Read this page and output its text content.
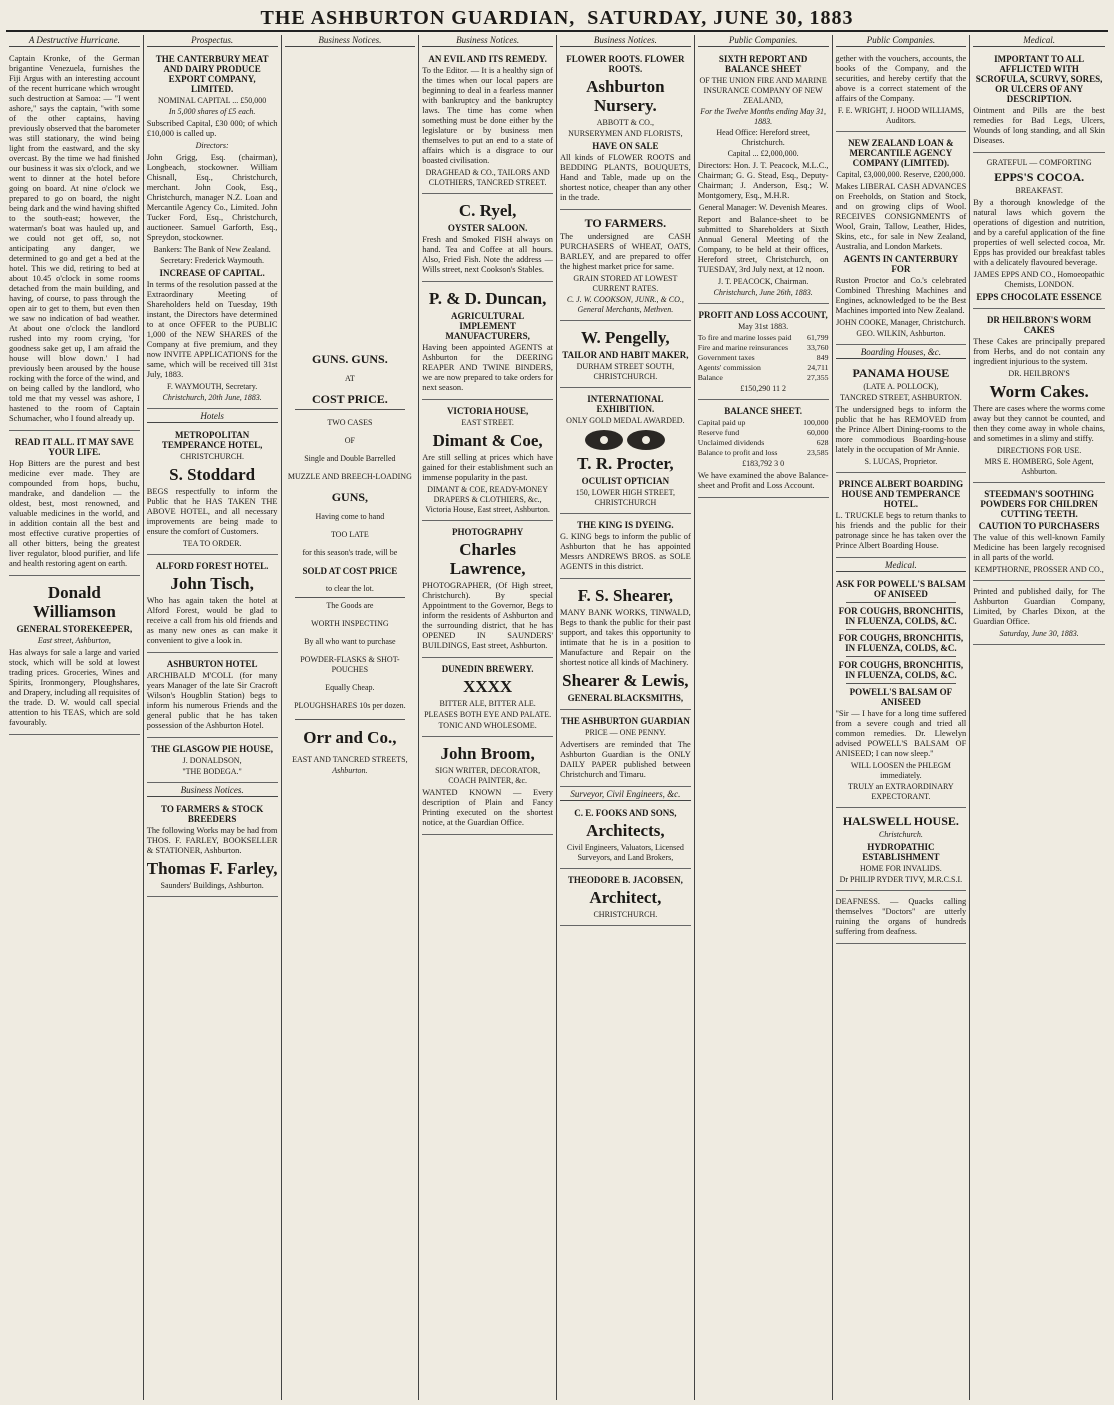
THE ASHBURTON GUARDIAN, SATURDAY, JUNE 30, 1883
A Destructive Hurricane.

Captain Kronke, of the German brigantine Venezuela, furnishes the Fiji Argus with an interesting account of the recent hurricane which wrought such destruction at Samoa: — "I went ashore," says the captain, "with some of the other captains, having previously observed that the barometer was still stationary, the wind being light from the eastward, and the sky overcast. By the time we had finished our business it was six o'clock, and we went to dinner at the hotel before going on board. At nine o'clock we prepared to go on board, the night being dark and the wind having shifted to the south-east; however, the waterman's boat was hauled up, and we could not get off, so, not anticipating any danger, we determined to go and get a bed at the hotel. This we did, retiring to bed at about 10.45 o'clock in some rooms detached from the main building, and having, of course, to pass through the open air to get to them, but even then we saw no indication of bad weather. At about one o'clock the landlord rushed into my room crying, 'for goodness sake get up, I am afraid the house will blow down.' I had previously been aroused by the house rocking with the force of the wind, and on being called by the landlord, who told me that my vessel was ashore, I hastened to the room of Captain Schumacher, who I found already up.

READ IT ALL. IT MAY SAVE YOUR LIFE.

Hop Bitters are the purest and best medicine ever made. They are compounded from hops, buchu, mandrake, and dandelion — the oldest, best, most renowned, and valuable medicines in the world, and in addition contain all the best and most effective curative properties of all other bitters, being the greatest liver regulator, blood purifier, and life and health restoring agent on earth.

Donald Williamson
GENERAL STOREKEEPER,
East street, Ashburton,

Has always for sale a large and varied stock, which will be sold at lowest trading prices. Groceries, Wines and Spirits, Ironmongery, Ploughshares, and Drapery, including all requisites of the trade. D. W. would call special attention to his TEAS, which are sold favourably.

Prospectus.
THE CANTERBURY MEAT AND DAIRY PRODUCE EXPORT COMPANY, LIMITED.
NOMINAL CAPITAL ... £50,000
In 5,000 shares of £5 each.

Subscribed Capital, £30 000; of which £10,000 is called up.

Directors:

John Grigg, Esq. (chairman), Longbeach, stockowner. William Chisnall, Esq., Christchurch, merchant. John Cook, Esq., Christchurch, manager N.Z. Loan and Mercantile Agency Co., Limited. John Tucker Ford, Esq., Christchurch, auctioneer. Samuel Garforth, Esq., Spreydon, stockowner.

Bankers: The Bank of New Zealand.
Secretary: Frederick Waymouth.
INCREASE OF CAPITAL.

In terms of the resolution passed at the Extraordinary Meeting of Shareholders held on Tuesday, 19th instant, the Directors have determined to at once OFFER to the PUBLIC 1,000 of the NEW SHARES of the Company at five premium, and they now INVITE APPLICATIONS for the same, which will be received till 31st July, 1883.

F. WAYMOUTH, Secretary.
Christchurch, 20th June, 1883.
Hotels
METROPOLITAN TEMPERANCE HOTEL,
CHRISTCHURCH.
S. Stoddard

BEGS respectfully to inform the Public that he HAS TAKEN THE ABOVE HOTEL, and all necessary improvements are being made to ensure the comfort of Customers.

TEA TO ORDER.
ALFORD FOREST HOTEL.
John Tisch,

Who has again taken the hotel at Alford Forest, would be glad to receive a call from his old friends and as many new ones as can make it convenient to give a look in.

ASHBURTON HOTEL

ARCHIBALD M'COLL (for many years Manager of the late Sir Cracroft Wilson's Hougblin Station) begs to inform his numerous Friends and the general public that he has taken possession of the Ashburton Hotel.

THE GLASGOW PIE HOUSE,
J. DONALDSON,
"THE BODEGA."
Business Notices.
TO FARMERS & STOCK BREEDERS

The following Works may be had from THOS. F. FARLEY, BOOKSELLER & STATIONER, Ashburton.

Thomas F. Farley,
Saunders' Buildings, Ashburton.
Business Notices.
GUNS. GUNS.
AT
COST PRICE.
TWO CASES
OF
Single and Double Barrelled
MUZZLE AND BREECH-LOADING
GUNS,
Having come to hand
TOO LATE
for this season's trade, will be
SOLD AT COST PRICE
to clear the lot.
The Goods are
WORTH INSPECTING
By all who want to purchase
POWDER-FLASKS & SHOT-POUCHES
Equally Cheap.
PLOUGHSHARES 10s per dozen.
Orr and Co.,
EAST AND TANCRED STREETS,
Ashburton.
Business Notices.
AN EVIL AND ITS REMEDY.

To the Editor. — It is a healthy sign of the times when our local papers are beginning to deal in a fearless manner with bankruptcy and the bankruptcy laws. The time has come when something must be done either by the legislature or by business men themselves to put an end to a state of affairs which is a disgrace to our boasted civilisation.

DRAGHEAD & CO., TAILORS AND CLOTHIERS, TANCRED STREET.
C. Ryel,
OYSTER SALOON.

Fresh and Smoked FISH always on hand. Tea and Coffee at all hours. Also, Fried Fish. Note the address — Wills street, next Cookson's Stables.

P. & D. Duncan,
AGRICULTURAL IMPLEMENT MANUFACTURERS,

Having been appointed AGENTS at Ashburton for the DEERING REAPER AND TWINE BINDERS, we are now prepared to take orders for next season.

VICTORIA HOUSE,
EAST STREET.
Dimant & Coe,

Are still selling at prices which have gained for their establishment such an immense popularity in the past.

DIMANT & COE, READY-MONEY DRAPERS & CLOTHIERS, &c., Victoria House, East street, Ashburton.
PHOTOGRAPHY
Charles Lawrence,

PHOTOGRAPHER, (Of High street, Christchurch). By special Appointment to the Governor, Begs to inform the residents of Ashburton and the surrounding district, that he has OPENED IN SAUNDERS' BUILDINGS, East street, Ashburton.

DUNEDIN BREWERY.
XXXX
BITTER ALE, BITTER ALE.
PLEASES BOTH EYE AND PALATE.
TONIC AND WHOLESOME.
John Broom,
SIGN WRITER, DECORATOR, COACH PAINTER, &c.

WANTED KNOWN — Every description of Plain and Fancy Printing executed on the shortest notice, at the Guardian Office.

Business Notices.
FLOWER ROOTS. FLOWER ROOTS.
Ashburton Nursery.
ABBOTT & CO.,
NURSERYMEN AND FLORISTS,
HAVE ON SALE

All kinds of FLOWER ROOTS and BEDDING PLANTS, BOUQUETS, Hand and Table, made up on the shortest notice, cheaper than any other in the trade.

TO FARMERS.

The undersigned are CASH PURCHASERS of WHEAT, OATS, BARLEY, and are prepared to offer the highest market price for same.

GRAIN STORED AT LOWEST CURRENT RATES.
C. J. W. COOKSON, JUNR., & CO., General Merchants, Methven.
W. Pengelly,
TAILOR AND HABIT MAKER,
DURHAM STREET SOUTH, CHRISTCHURCH.
INTERNATIONAL EXHIBITION.
ONLY GOLD MEDAL AWARDED.
T. R. Procter,
OCULIST OPTICIAN
150, LOWER HIGH STREET, CHRISTCHURCH
THE KING IS DYEING.

G. KING begs to inform the public of Ashburton that he has appointed Messrs ANDREWS BROS. as SOLE AGENTS in this district.

F. S. Shearer,

MANY BANK WORKS, TINWALD, Begs to thank the public for their past support, and takes this opportunity to intimate that he is in a position to Manufacture and Repair on the shortest notice all kinds of Machinery.

Shearer & Lewis,
GENERAL BLACKSMITHS,
THE ASHBURTON GUARDIAN
PRICE — ONE PENNY.

Advertisers are reminded that The Ashburton Guardian is the ONLY DAILY PAPER published between Christchurch and Timaru.

Surveyor, Civil Engineers, &c.
C. E. FOOKS AND SONS,
Architects,
Civil Engineers, Valuators, Licensed Surveyors, and Land Brokers,
THEODORE B. JACOBSEN,
Architect,
CHRISTCHURCH.
Public Companies.
SIXTH REPORT AND BALANCE SHEET
OF THE UNION FIRE AND MARINE INSURANCE COMPANY OF NEW ZEALAND,
For the Twelve Months ending May 31, 1883.
Head Office: Hereford street, Christchurch.
Capital ... £2,000,000.

Directors: Hon. J. T. Peacock, M.L.C., Chairman; G. G. Stead, Esq., Deputy-Chairman; J. Anderson, Esq.; W. Montgomery, Esq., M.H.R.

General Manager: W. Devenish Meares.

Report and Balance-sheet to be submitted to Shareholders at Sixth Annual General Meeting of the Company, to be held at their offices, Hereford street, Christchurch, on TUESDAY, 3rd July next, at 12 noon.

J. T. PEACOCK, Chairman.
Christchurch, June 26th, 1883.
PROFIT AND LOSS ACCOUNT,
May 31st 1883.
To fire and marine losses paid	61,799
Fire and marine reinsurances	33,760
Government taxes	849
Agents' commission	24,711
Balance	27,355
£150,290 11 2
BALANCE SHEET.
Capital paid up	100,000
Reserve fund	60,000
Unclaimed dividends	628
Balance to profit and loss	23,585
£183,792 3 0

We have examined the above Balance-sheet and Profit and Loss Account.

Public Companies.

gether with the vouchers, accounts, the books of the Company, and the securities, and hereby certify that the above is a correct statement of the affairs of the Company.

F. E. WRIGHT, J. HOOD WILLIAMS, Auditors.
NEW ZEALAND LOAN & MERCANTILE AGENCY COMPANY (LIMITED).
Capital, £3,000,000. Reserve, £200,000.

Makes LIBERAL CASH ADVANCES on Freeholds, on Station and Stock, and on growing clips of Wool. RECEIVES CONSIGNMENTS of Wool, Grain, Tallow, Leather, Hides, Skins, etc., for sale in New Zealand, Australia, and London Markets.

AGENTS IN CANTERBURY FOR

Ruston Proctor and Co.'s celebrated Combined Threshing Machines and Engines, acknowledged to be the Best Machines imported into New Zealand.

JOHN COOKE, Manager, Christchurch.
GEO. WILKIN, Ashburton.
Boarding Houses, &c.
PANAMA HOUSE
(LATE A. POLLOCK),
TANCRED STREET, ASHBURTON.

The undersigned begs to inform the public that he has REMOVED from the Prince Albert Dining-rooms to the more commodious Boarding-house lately in the occupation of Mr Annie.

S. LUCAS, Proprietor.
PRINCE ALBERT BOARDING HOUSE AND TEMPERANCE HOTEL.

L. TRUCKLE begs to return thanks to his friends and the public for their patronage since he has taken over the Prince Albert Boarding House.

Medical.
ASK FOR POWELL'S BALSAM OF ANISEED
FOR COUGHS, BRONCHITIS, IN FLUENZA, COLDS, &C.
FOR COUGHS, BRONCHITIS, IN FLUENZA, COLDS, &C.
FOR COUGHS, BRONCHITIS, IN FLUENZA, COLDS, &C.
POWELL'S BALSAM OF ANISEED

"Sir — I have for a long time suffered from a severe cough and tried all common remedies. Dr. Llewelyn advised POWELL'S BALSAM OF ANISEED; I can now sleep."

WILL LOOSEN the PHLEGM immediately.
TRULY an EXTRAORDINARY EXPECTORANT.
HALSWELL HOUSE.
Christchurch.
HYDROPATHIC ESTABLISHMENT
HOME FOR INVALIDS.
Dr PHILIP RYDER TIVY, M.R.C.S.I.

DEAFNESS. — Quacks calling themselves "Doctors" are utterly ruining the organs of hundreds suffering from deafness.

Medical.
IMPORTANT TO ALL AFFLICTED WITH SCROFULA, SCURVY, SORES, OR ULCERS OF ANY DESCRIPTION.

Ointment and Pills are the best remedies for Bad Legs, Ulcers, Wounds of long standing, and all Skin Diseases.

GRATEFUL — COMFORTING
EPPS'S COCOA.
BREAKFAST.

By a thorough knowledge of the natural laws which govern the operations of digestion and nutrition, and by a careful application of the fine properties of well selected cocoa, Mr. Epps has provided our breakfast tables with a delicately flavoured beverage.

JAMES EPPS AND CO., Homoeopathic Chemists, LONDON.
EPPS CHOCOLATE ESSENCE
DR HEILBRON'S WORM CAKES

These Cakes are principally prepared from Herbs, and do not contain any ingredient injurious to the system.

DR. HEILBRON'S
Worm Cakes.

There are cases where the worms come away but they cannot be counted, and then they come away in whole chains, and sometimes in a slimy and stiffy.

DIRECTIONS FOR USE.
MRS E. HOMBERG, Sole Agent, Ashburton.
STEEDMAN'S SOOTHING POWDERS FOR CHILDREN CUTTING TEETH.
CAUTION TO PURCHASERS

The value of this well-known Family Medicine has been largely recognised in all parts of the world.

KEMPTHORNE, PROSSER AND CO.,

Printed and published daily, for The Ashburton Guardian Company, Limited, by Charles Dixon, at the Guardian Office.

Saturday, June 30, 1883.
